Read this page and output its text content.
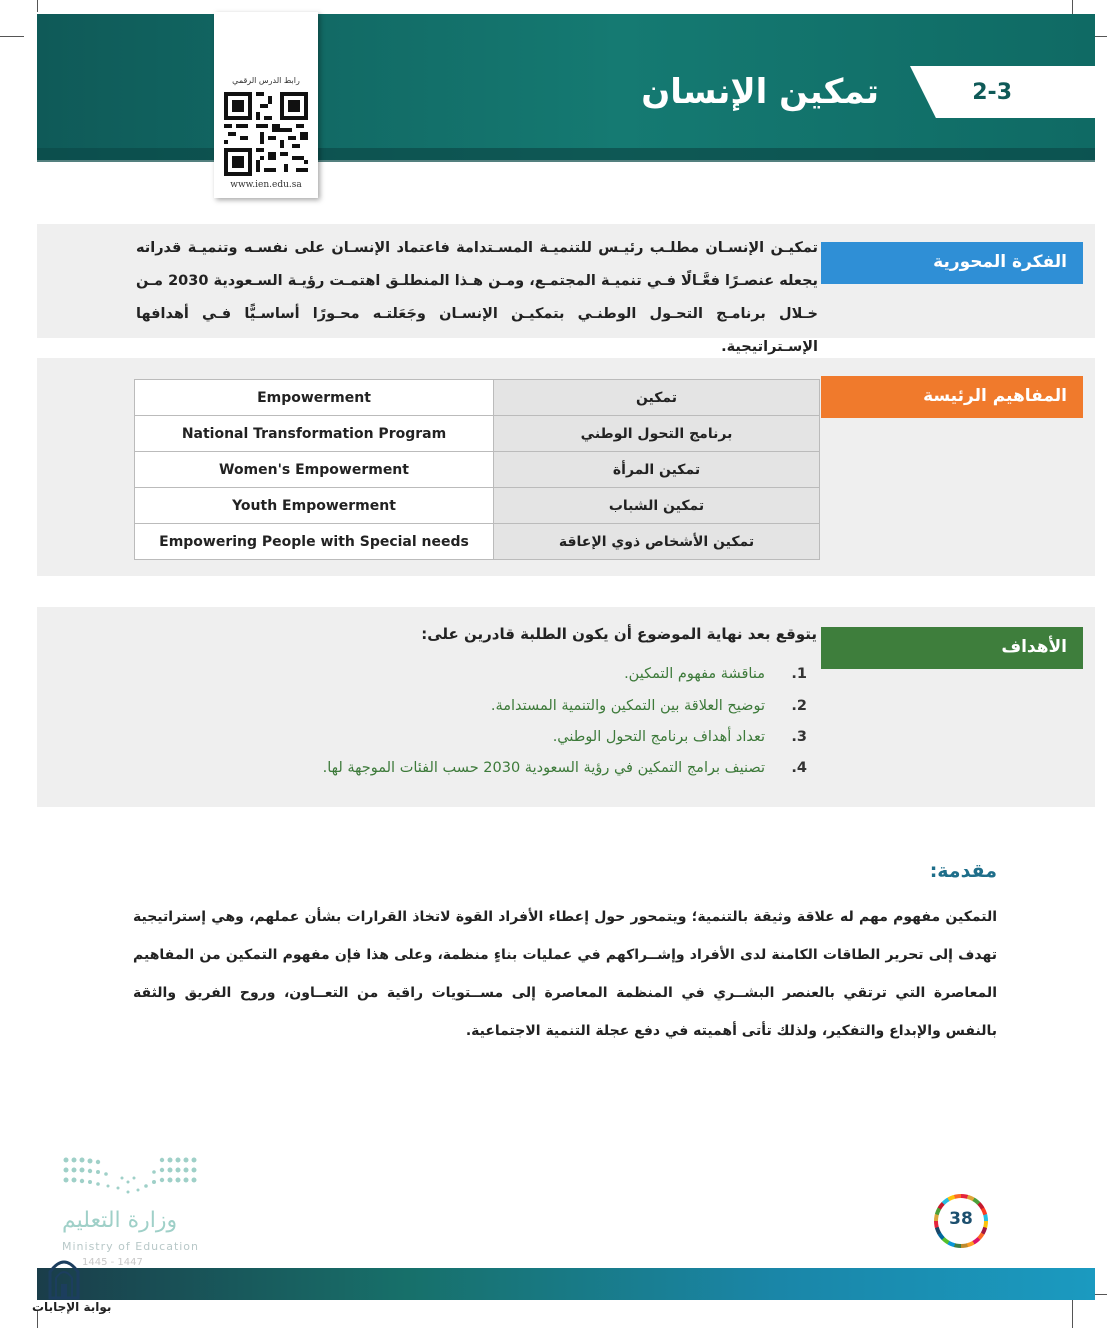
2-3
تمكين الإنسان
رابط الدرس الرقمي
www.ien.edu.sa
الفكرة المحورية
تمكيـن الإنسـان مطلـب رئيـس للتنميـة المسـتدامة فاعتماد الإنسـان على نفسـه وتنميـة قدراته يجعله عنصـرًا فعَّـالًا فـي تنميـة المجتمـع، ومـن هـذا المنطلـق اهتمـت رؤيـة السـعودية 2030 مـن خـلال برنامـج التحـول الوطنـي بتمكيـن الإنسـان وجَعَلتـه محـورًا أساسـيًّا فـي أهدافها الإسـتراتيجية.
المفاهيم الرئيسة
Empowerment	تمكين
National Transformation Program	برنامج التحول الوطني
Women's Empowerment	تمكين المرأة
Youth Empowerment	تمكين الشباب
Empowering People with Special needs	تمكين الأشخاص ذوي الإعاقة
الأهداف
يتوقع بعد نهاية الموضوع أن يكون الطلبة قادرين على:
1.مناقشة مفهوم التمكين.
2.توضيح العلاقة بين التمكين والتنمية المستدامة.
3.تعداد أهداف برنامج التحول الوطني.
4.تصنيف برامج التمكين في رؤية السعودية 2030 حسب الفئات الموجهة لها.
مقدمة:
التمكين مفهوم مهم له علاقة وثيقة بالتنمية؛ ويتمحور حول إعطاء الأفراد القوة لاتخاذ القرارات بشأن عملهم، وهي إستراتيجية تهدف إلى تحرير الطاقات الكامنة لدى الأفراد وإشــراكهم في عمليات بناءٍ منظمة، وعلى هذا فإن مفهوم التمكين من المفاهيم المعاصرة التي ترتقي بالعنصر البشــري في المنظمة المعاصرة إلى مســتويات راقية من التعــاون، وروح الفريق والثقة بالنفس والإبداع والتفكير، ولذلك تأتى أهميته في دفع عجلة التنمية الاجتماعية.
وزارة التعليم
Ministry of Education
1445 - 1447
38
بوابة الإجابات
